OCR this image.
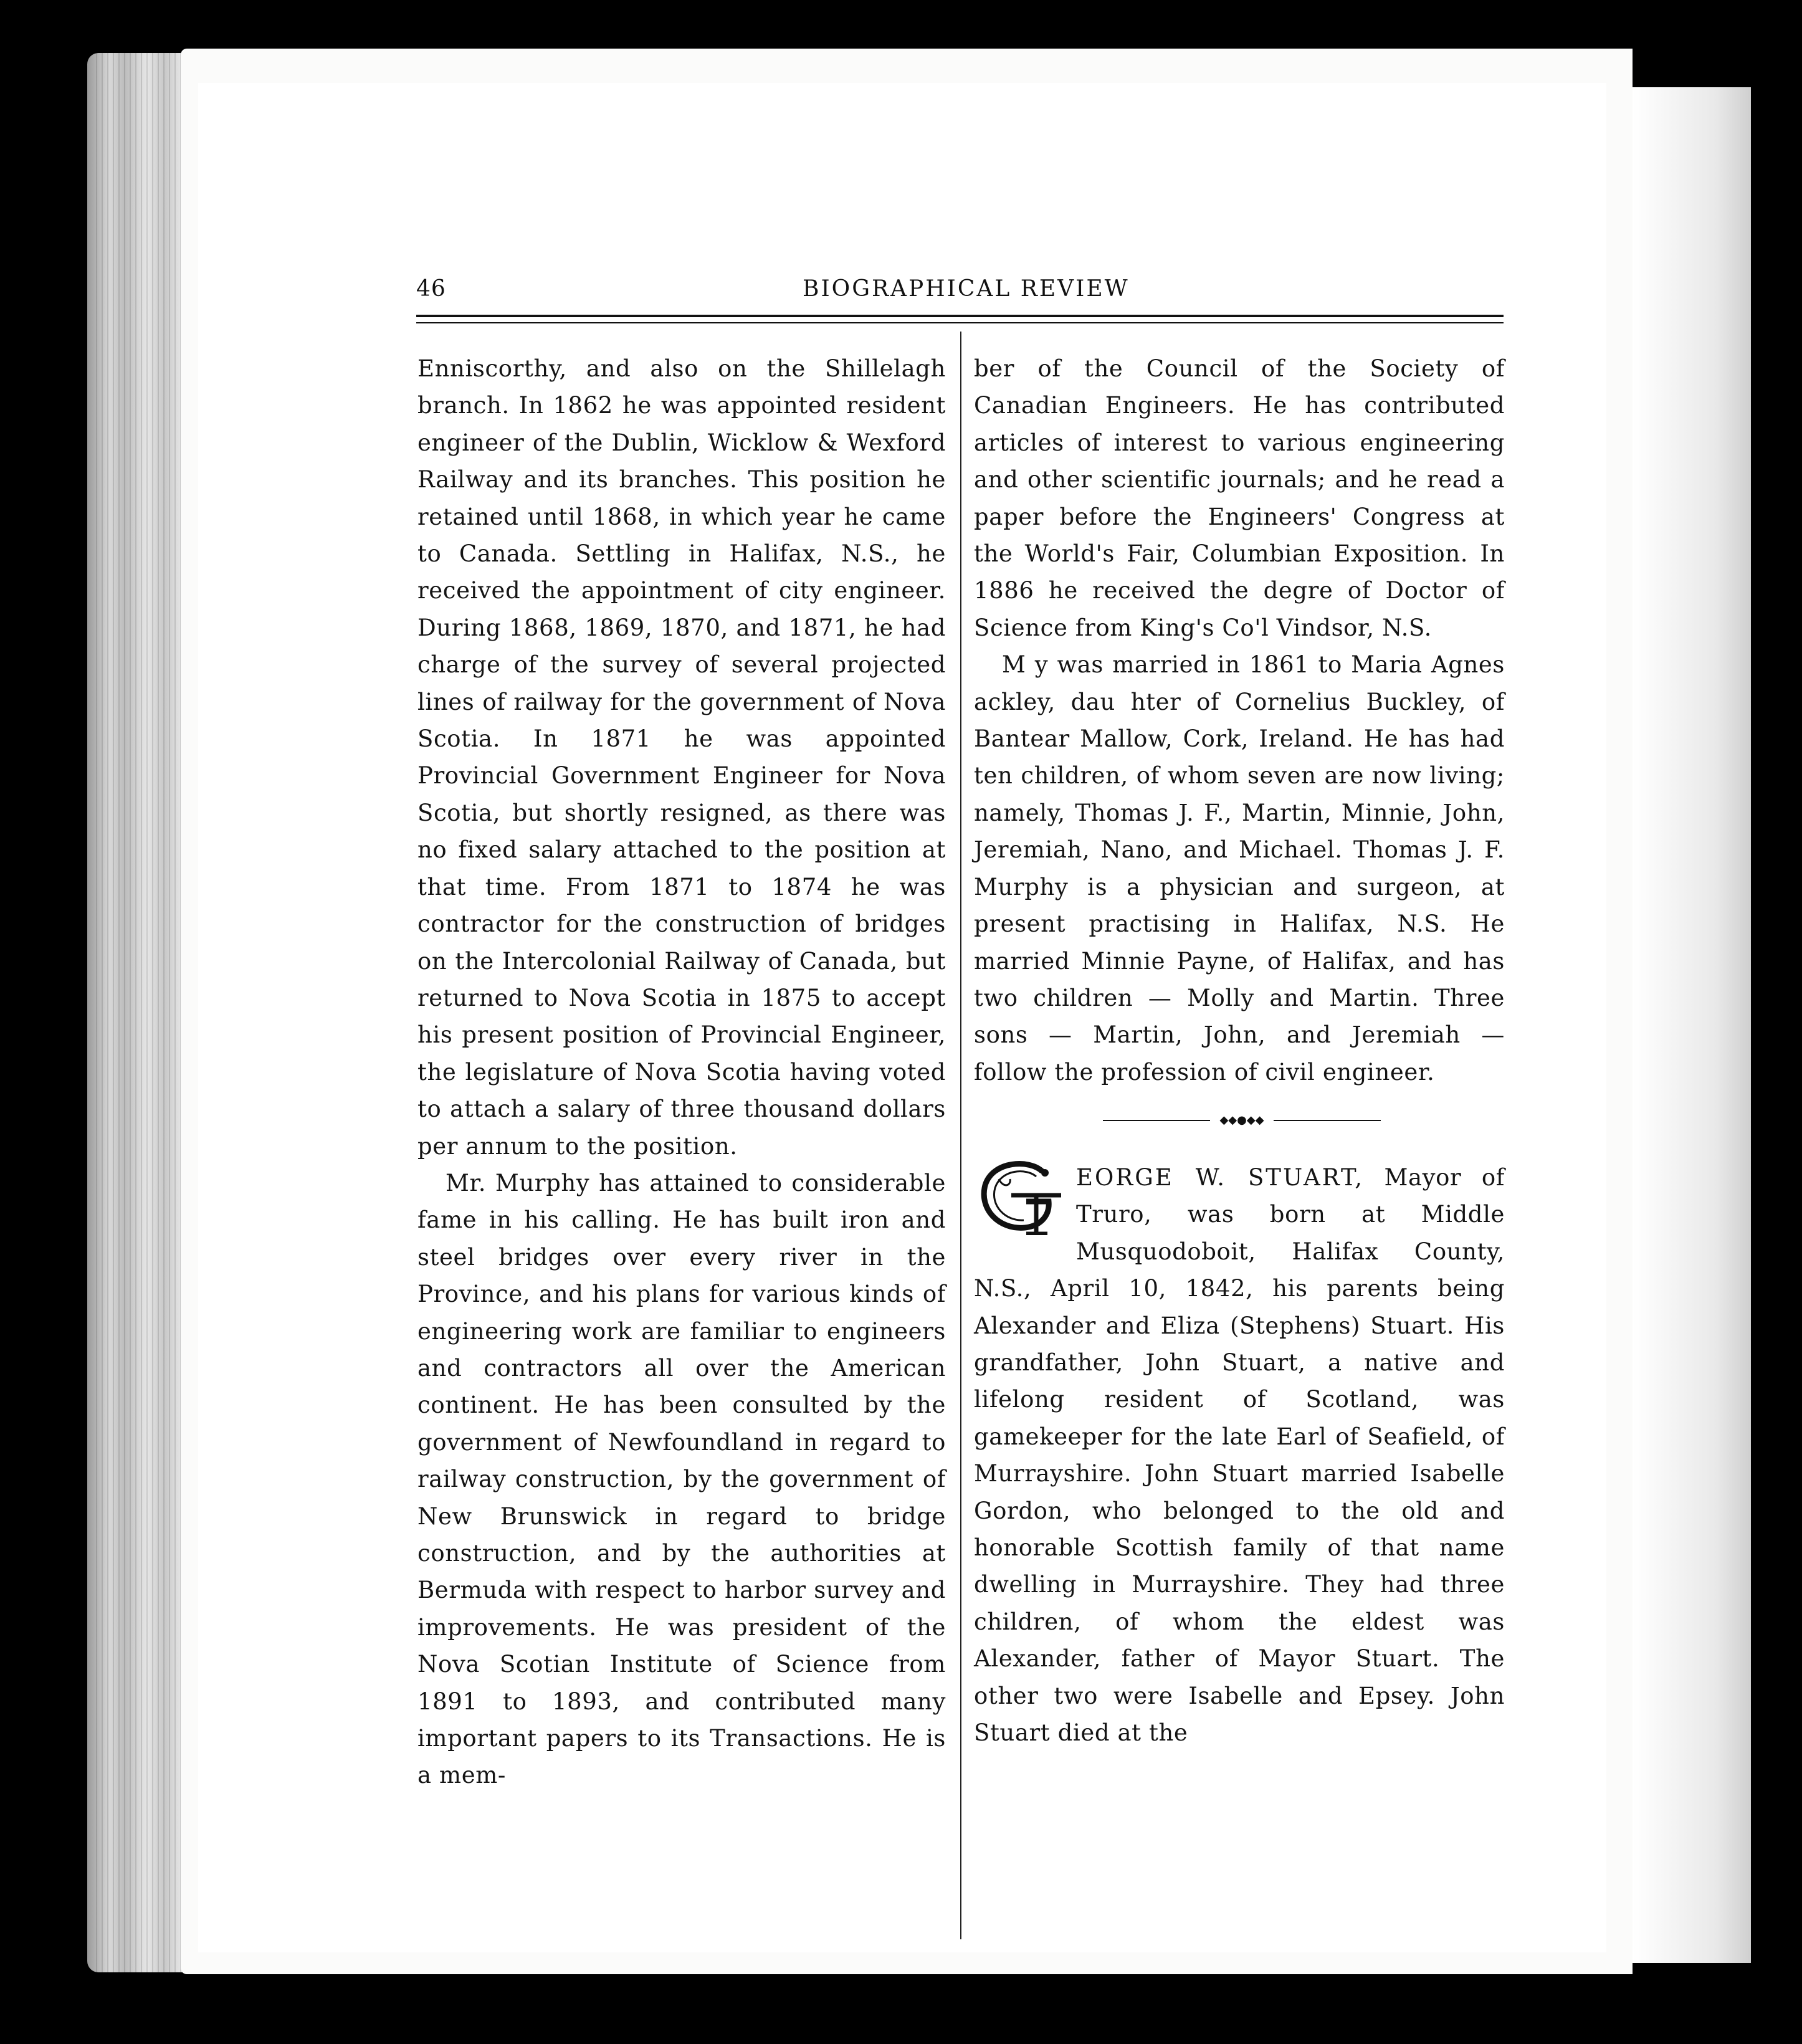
46	BIOGRAPHICAL REVIEW

Enniscorthy, and also on the Shillelagh branch. In 1862 he was appointed resident engineer of the Dublin, Wicklow & Wexford Railway and its branches. This position he retained until 1868, in which year he came to Canada. Settling in Halifax, N.S., he received the appointment of city engineer. During 1868, 1869, 1870, and 1871, he had charge of the survey of several projected lines of railway for the government of Nova Scotia. In 1871 he was appointed Provincial Government Engineer for Nova Scotia, but shortly resigned, as there was no fixed salary attached to the position at that time. From 1871 to 1874 he was contractor for the construction of bridges on the Intercolonial Railway of Canada, but returned to Nova Scotia in 1875 to accept his present position of Provincial Engineer, the legislature of Nova Scotia having voted to attach a salary of three thousand dollars per annum to the position.

Mr. Murphy has attained to considerable fame in his calling. He has built iron and steel bridges over every river in the Province, and his plans for various kinds of engineering work are familiar to engineers and contractors all over the American continent. He has been consulted by the government of Newfoundland in regard to railway construction, by the government of New Brunswick in regard to bridge construction, and by the authorities at Bermuda with respect to harbor survey and improvements. He was president of the Nova Scotian Institute of Science from 1891 to 1893, and contributed many important papers to its Transactions. He is a mem-

ber of the Council of the Society of Canadian Engineers. He has contributed articles of interest to various engineering and other scientific journals; and he read a paper before the Engineers' Congress at the World's Fair, Columbian Exposition. In 1886 he received the degre of Doctor of Science from King's Co'l Vindsor, N.S.

M y was married in 1861 to Maria Agnes ackley, dau hter of Cornelius Buckley, of Bantear Mallow, Cork, Ireland. He has had ten children, of whom seven are now living; namely, Thomas J. F., Martin, Minnie, John, Jeremiah, Nano, and Michael. Thomas J. F. Murphy is a physician and surgeon, at present practising in Halifax, N.S. He married Minnie Payne, of Halifax, and has two children — Molly and Martin. Three sons — Martin, John, and Jeremiah — follow the profession of civil engineer.

◆◆●◆◆
EORGE W. STUART, Mayor of Truro, was born at Middle Musquodoboit, Halifax County, N.S., April 10, 1842, his parents being Alexander and Eliza (Stephens) Stuart. His grandfather, John Stuart, a native and lifelong resident of Scotland, was gamekeeper for the late Earl of Seafield, of Murrayshire. John Stuart married Isabelle Gordon, who belonged to the old and honorable Scottish family of that name dwelling in Murrayshire. They had three children, of whom the eldest was Alexander, father of Mayor Stuart. The other two were Isabelle and Epsey. John Stuart died at the
